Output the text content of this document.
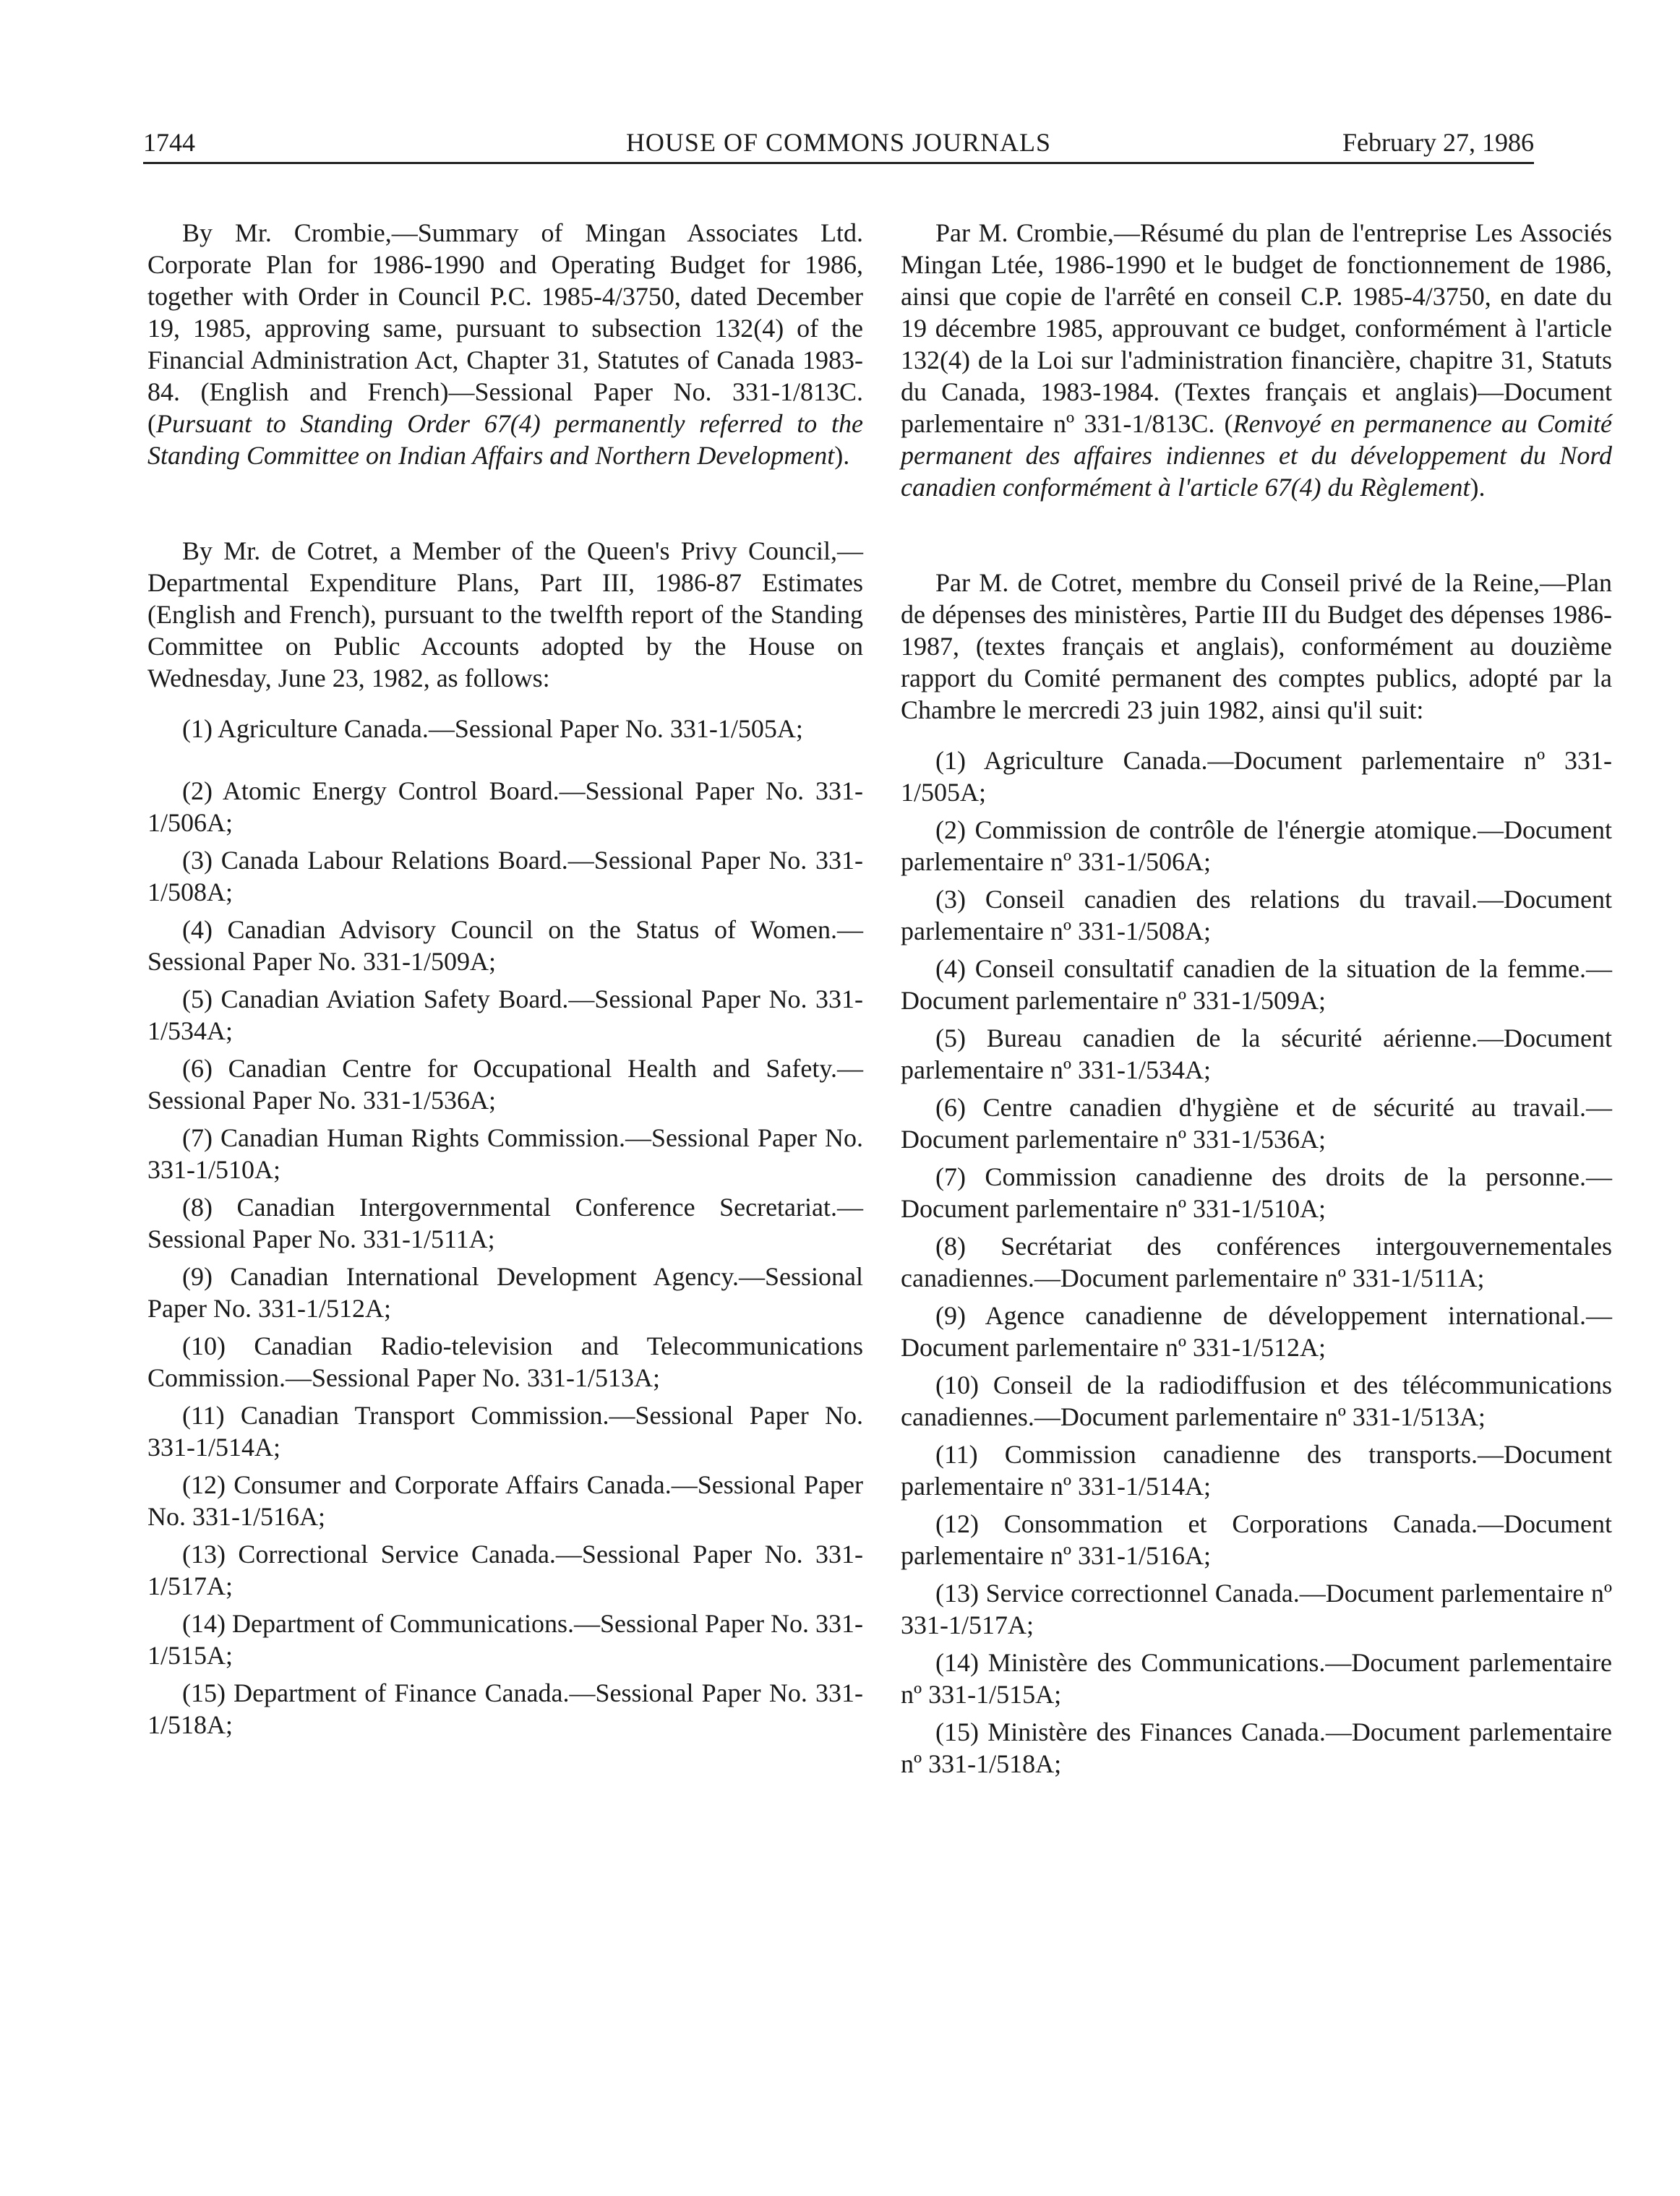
1744	HOUSE OF COMMONS JOURNALS	February 27, 1986

By Mr. Crombie,—Summary of Mingan Associates Ltd. Corporate Plan for 1986-1990 and Operating Budget for 1986, together with Order in Council P.C. 1985-4/3750, dated December 19, 1985, approving same, pursuant to subsection 132(4) of the Financial Administration Act, Chapter 31, Statutes of Canada 1983-84. (English and French)—Sessional Paper No. 331-1/813C. (Pursuant to Standing Order 67(4) permanently referred to the Standing Committee on Indian Affairs and Northern Development).

By Mr. de Cotret, a Member of the Queen's Privy Council,—Departmental Expenditure Plans, Part III, 1986-87 Estimates (English and French), pursuant to the twelfth report of the Standing Committee on Public Accounts adopted by the House on Wednesday, June 23, 1982, as follows:

(1) Agriculture Canada.—Sessional Paper No. 331-1/505A;

(2) Atomic Energy Control Board.—Sessional Paper No. 331-1/506A;

(3) Canada Labour Relations Board.—Sessional Paper No. 331-1/508A;

(4) Canadian Advisory Council on the Status of Women.—Sessional Paper No. 331-1/509A;

(5) Canadian Aviation Safety Board.—Sessional Paper No. 331-1/534A;

(6) Canadian Centre for Occupational Health and Safety.—Sessional Paper No. 331-1/536A;

(7) Canadian Human Rights Commission.—Sessional Paper No. 331-1/510A;

(8) Canadian Intergovernmental Conference Secretariat.—Sessional Paper No. 331-1/511A;

(9) Canadian International Development Agency.—Sessional Paper No. 331-1/512A;

(10) Canadian Radio-television and Telecommunications Commission.—Sessional Paper No. 331-1/513A;

(11) Canadian Transport Commission.—Sessional Paper No. 331-1/514A;

(12) Consumer and Corporate Affairs Canada.—Sessional Paper No. 331-1/516A;

(13) Correctional Service Canada.—Sessional Paper No. 331-1/517A;

(14) Department of Communications.—Sessional Paper No. 331-1/515A;

(15) Department of Finance Canada.—Sessional Paper No. 331-1/518A;

Par M. Crombie,—Résumé du plan de l'entreprise Les Associés Mingan Ltée, 1986-1990 et le budget de fonctionnement de 1986, ainsi que copie de l'arrêté en conseil C.P. 1985-4/3750, en date du 19 décembre 1985, approuvant ce budget, conformément à l'article 132(4) de la Loi sur l'administration financière, chapitre 31, Statuts du Canada, 1983-1984. (Textes français et anglais)—Document parlementaire nº 331-1/813C. (Renvoyé en permanence au Comité permanent des affaires indiennes et du développement du Nord canadien conformément à l'article 67(4) du Règlement).

Par M. de Cotret, membre du Conseil privé de la Reine,—Plan de dépenses des ministères, Partie III du Budget des dépenses 1986-1987, (textes français et anglais), conformément au douzième rapport du Comité permanent des comptes publics, adopté par la Chambre le mercredi 23 juin 1982, ainsi qu'il suit:

(1) Agriculture Canada.—Document parlementaire nº 331-1/505A;

(2) Commission de contrôle de l'énergie atomique.—Document parlementaire nº 331-1/506A;

(3) Conseil canadien des relations du travail.—Document parlementaire nº 331-1/508A;

(4) Conseil consultatif canadien de la situation de la femme.—Document parlementaire nº 331-1/509A;

(5) Bureau canadien de la sécurité aérienne.—Document parlementaire nº 331-1/534A;

(6) Centre canadien d'hygiène et de sécurité au travail.—Document parlementaire nº 331-1/536A;

(7) Commission canadienne des droits de la personne.—Document parlementaire nº 331-1/510A;

(8) Secrétariat des conférences intergouvernementales canadiennes.—Document parlementaire nº 331-1/511A;

(9) Agence canadienne de développement international.—Document parlementaire nº 331-1/512A;

(10) Conseil de la radiodiffusion et des télécommunications canadiennes.—Document parlementaire nº 331-1/513A;

(11) Commission canadienne des transports.—Document parlementaire nº 331-1/514A;

(12) Consommation et Corporations Canada.—Document parlementaire nº 331-1/516A;

(13) Service correctionnel Canada.—Document parlementaire nº 331-1/517A;

(14) Ministère des Communications.—Document parlementaire nº 331-1/515A;

(15) Ministère des Finances Canada.—Document parlementaire nº 331-1/518A;
